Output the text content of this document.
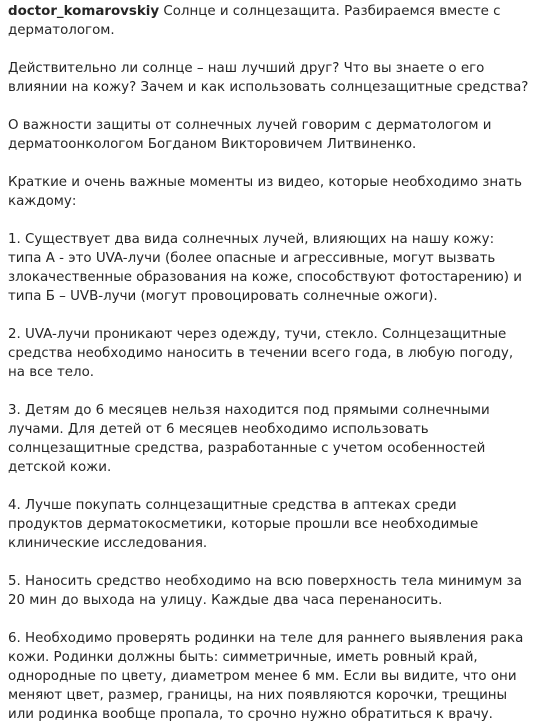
doctor_komarovskiy Солнце и солнцезащита. Разбираемся вместе с дерматологом.

Действительно ли солнце – наш лучший друг? Что вы знаете о его влиянии на кожу? Зачем и как использовать солнцезащитные средства?

О важности защиты от солнечных лучей говорим с дерматологом и дерматоонкологом Богданом Викторовичем Литвиненко.

Краткие и очень важные моменты из видео, которые необходимо знать каждому:

1. Существует два вида солнечных лучей, влияющих на нашу кожу: типа А - это UVA-лучи (более опасные и агрессивные, могут вызвать злокачественные образования на коже, способствуют фотостарению) и типа Б – UVB-лучи (могут провоцировать солнечные ожоги).

2. UVA-лучи проникают через одежду, тучи, стекло. Солнцезащитные средства необходимо наносить в течении всего года, в любую погоду, на все тело.

3. Детям до 6 месяцев нельзя находится под прямыми солнечными лучами. Для детей от 6 месяцев необходимо использовать солнцезащитные средства, разработанные с учетом особенностей детской кожи.

4. Лучше покупать солнцезащитные средства в аптеках среди продуктов дерматокосметики, которые прошли все необходимые клинические исследования.

5. Наносить средство необходимо на всю поверхность тела минимум за 20 мин до выхода на улицу. Каждые два часа перенаносить.

6. Необходимо проверять родинки на теле для раннего выявления рака кожи. Родинки должны быть: симметричные, иметь ровный край, однородные по цвету, диаметром менее 6 мм. Если вы видите, что они меняют цвет, размер, границы, на них появляются корочки, трещины или родинка вообще пропала, то срочно нужно обратиться к врачу.
